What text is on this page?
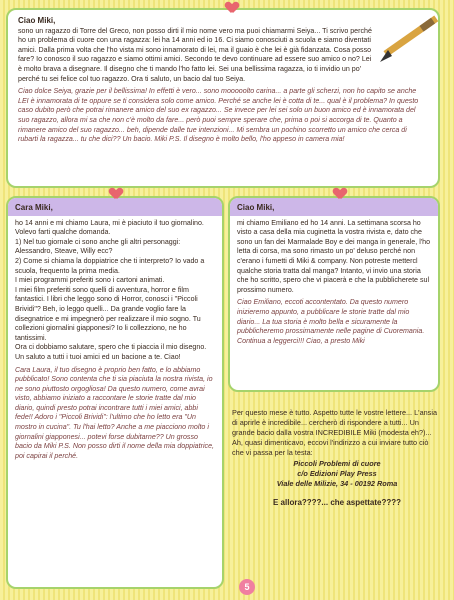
Ciao Miki,

sono un ragazzo di Torre del Greco, non posso dirti il mio nome vero ma puoi chiamarmi Seiya... Ti scrivo perché ho un problema di cuore con una ragazza: lei ha 14 anni ed io 16. Ci siamo conosciuti a scuola e siamo diventati amici. Dalla prima volta che l'ho vista mi sono innamorato di lei, ma il guaio è che lei è già fidanzata. Cosa posso fare? Io conosco il suo ragazzo e siamo ottimi amici. Secondo te devo continuare ad essere suo amico o no? Lei è molto brava a disegnare. Il disegno che ti mando l'ho fatto lei. Sei una bellissima ragazza, io ti invidio un po' perché tu sei felice col tuo ragazzo. Ora ti saluto, un bacio dal tuo Seiya.

Ciao dolce Seiya, grazie per il bellissima! In effetti è vero... sono mooooolto carina... a parte gli scherzi, non ho capito se anche LEI è innamorata di te oppure se ti considera solo come amico. Perché se anche lei è cotta di te... qual è il problema? In questo caso dubito però che potrai rimanere amico del suo ex ragazzo... Se invece per lei sei solo un buon amico ed è innamorata del suo ragazzo, allora mi sa che non c'è molto da fare... però puoi sempre sperare che, prima o poi si accorga di te. Quanto a rimanere amico del suo ragazzo... beh, dipende dalle tue intenzioni... Mi sembra un pochino scorretto un amico che cerca di rubarti la ragazza... tu che dici?? Un bacio. Miki P.S. Il disegno è molto bello, l'ho appeso in camera mia!

Cara Miki,

ho 14 anni e mi chiamo Laura, mi è piaciuto il tuo giornalino. Volevo farti qualche domanda.

1) Nel tuo giornale ci sono anche gli altri personaggi: Alessandro, Steave, Willy ecc?

2) Come si chiama la doppiatrice che ti interpreto? Io vado a scuola, frequento la prima media.

I miei programmi preferiti sono i cartoni animati.

I miei film preferiti sono quelli di avventura, horror e film fantastici. I libri che leggo sono di Horror, conosci i "Piccoli Brividi"? Beh, io leggo quelli... Da grande voglio fare la disegnatrice e mi impegnerò per realizzare il mio sogno. Tu collezioni giornalini giapponesi? Io li collezziono, ne ho tantissimi.

Ora ci dobbiamo salutare, spero che ti piaccia il mio disegno. Un saluto a tutti i tuoi amici ed un bacione a te. Ciao!

Cara Laura, il tuo disegno è proprio ben fatto, e lo abbiamo pubblicato! Sono contenta che ti sia piaciuta la nostra rivista, io ne sono piuttosto orgogliosa! Da questo numero, come avrai visto, abbiamo iniziato a raccontare le storie tratte dal mio diario, quindi presto potrai incontrare tutti i miei amici, abbi fede!! Adoro i "Piccoli Brividi": l'ultimo che ho letto era "Un mostro in cucina". Tu l'hai letto? Anche a me piacciono molto i giornalini giapponesi... potevi forse dubitarne?? Un grosso bacio da Miki P.S. Non posso dirti il nome della mia doppiatrice, poi capirai il perché.

Ciao Miki,

mi chiamo Emiliano ed ho 14 anni. La settimana scorsa ho visto a casa della mia cuginetta la vostra rivista e, dato che sono un fan dei Marmalade Boy e dei manga in generale, l'ho letta di corsa, ma sono rimasto un po' deluso perché non c'erano i fumetti di Miki & company. Non potreste mettercl qualche storia tratta dal manga? Intanto, vi invio una storia che ho scritto, spero che vi piacerà e che la pubblicherete sul prossimo numero.

Ciao Emiliano, eccoti accontentato. Da questo numero inizieremo appunto, a pubblicare le storie tratte dal mio diario... La tua storia è molto bella e sicuramente la pubblicheremo prossimamente nelle pagine di Cuoremania. Continua a leggerci!!! Ciao, a presto Miki

Per questo mese è tutto. Aspetto tutte le vostre lettere... L'ansia di aprirle è incredibile... cercherò di rispondere a tutti... Un grande bacio dalla vostra INCREDIBILE Miki (modesta eh?)... Ah, quasi dimenticavo, eccovi l'indirizzo a cui inviare tutto ciò che vi passa per la testa:

Piccoli Problemi di cuore
c/o Edizioni Play Press
Viale delle Milizie, 34 - 00192 Roma
E allora????... che aspettate????
5
